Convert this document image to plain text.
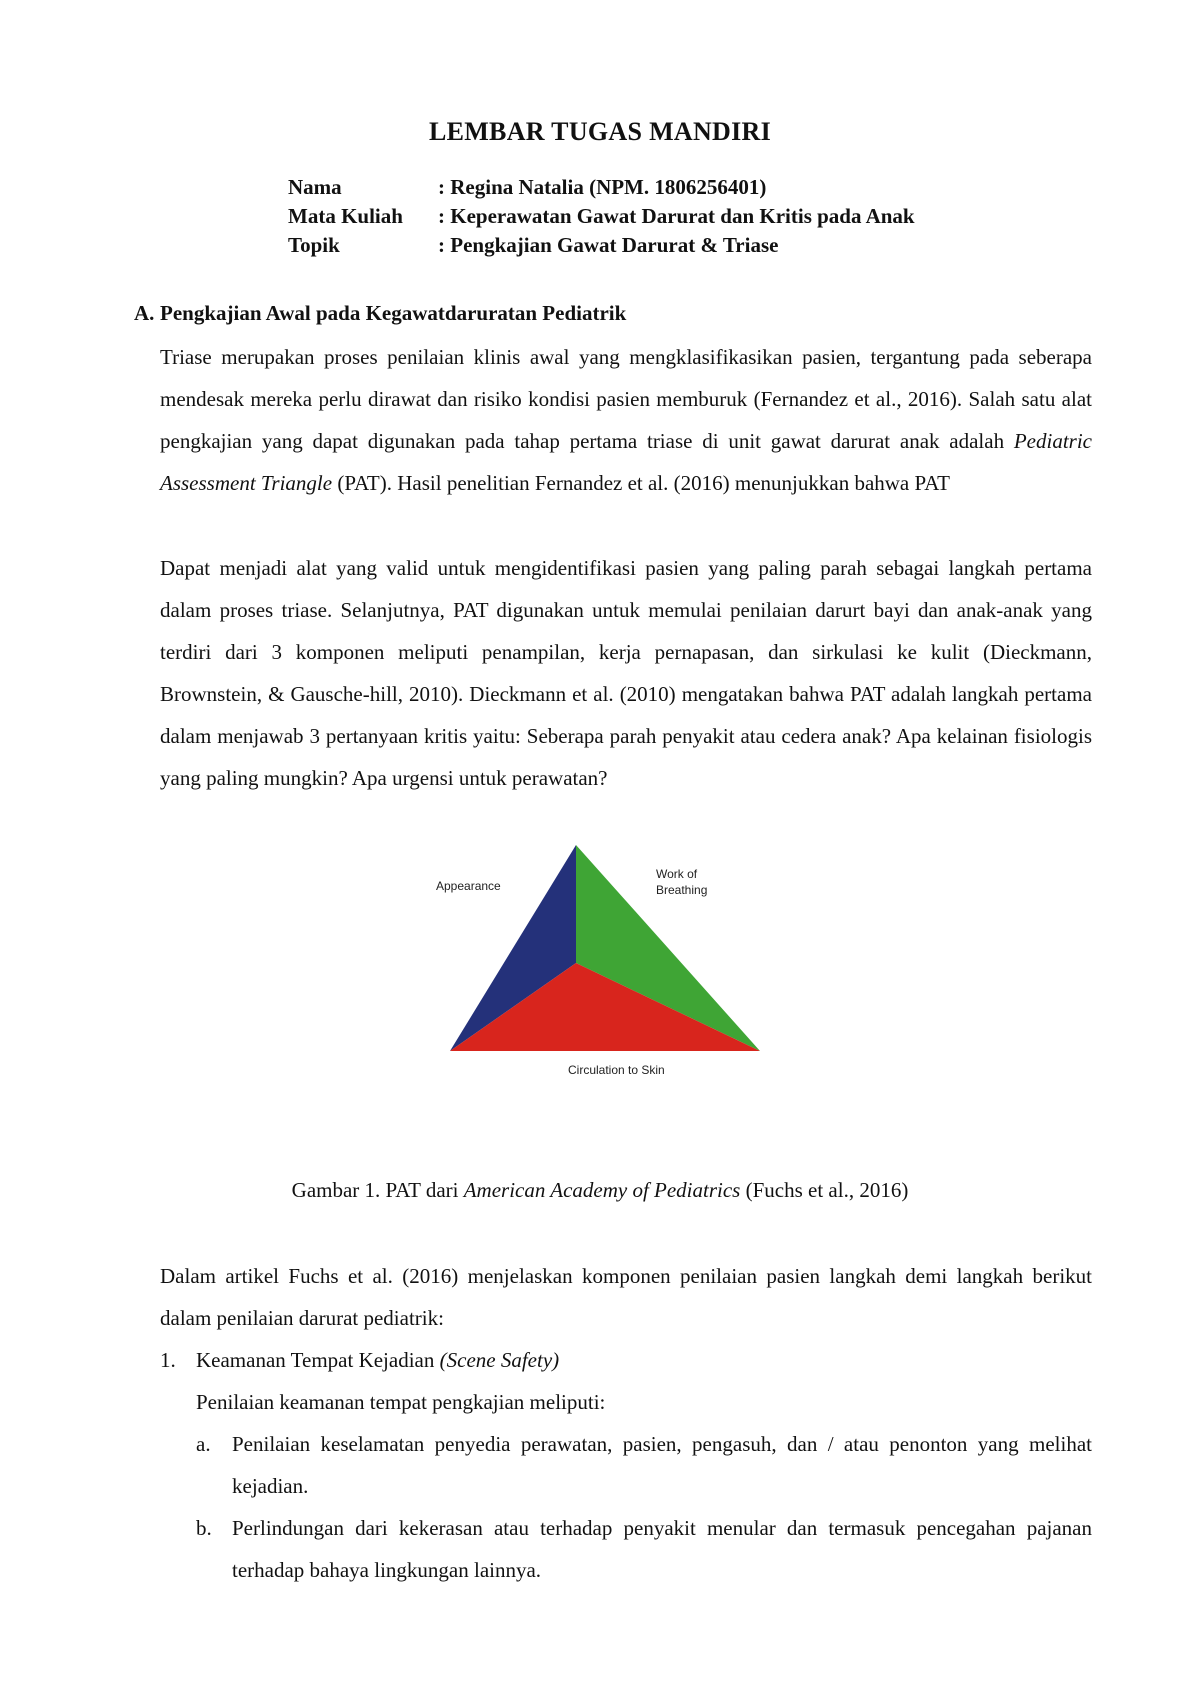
LEMBAR TUGAS MANDIRI
Nama	: Regina Natalia (NPM. 1806256401)
Mata Kuliah	: Keperawatan Gawat Darurat dan Kritis pada Anak
Topik	: Pengkajian Gawat Darurat & Triase
A. Pengkajian Awal pada Kegawatdaruratan Pediatrik
Triase merupakan proses penilaian klinis awal yang mengklasifikasikan pasien, tergantung pada seberapa mendesak mereka perlu dirawat dan risiko kondisi pasien memburuk (Fernandez et al., 2016). Salah satu alat pengkajian yang dapat digunakan pada tahap pertama triase di unit gawat darurat anak adalah Pediatric Assessment Triangle (PAT). Hasil penelitian Fernandez et al. (2016) menunjukkan bahwa PAT
Dapat menjadi alat yang valid untuk mengidentifikasi pasien yang paling parah sebagai langkah pertama dalam proses triase. Selanjutnya, PAT digunakan untuk memulai penilaian darurt bayi dan anak-anak yang terdiri dari 3 komponen meliputi penampilan, kerja pernapasan, dan sirkulasi ke kulit (Dieckmann, Brownstein, & Gausche-hill, 2010). Dieckmann et al. (2010) mengatakan bahwa PAT adalah langkah pertama dalam menjawab 3 pertanyaan kritis yaitu: Seberapa parah penyakit atau cedera anak? Apa kelainan fisiologis yang paling mungkin? Apa urgensi untuk perawatan?
Appearance
Work of
Breathing
Circulation to Skin
Gambar 1. PAT dari American Academy of Pediatrics (Fuchs et al., 2016)
Dalam artikel Fuchs et al. (2016) menjelaskan komponen penilaian pasien langkah demi langkah berikut dalam penilaian darurat pediatrik:
1. Keamanan Tempat Kejadian (Scene Safety)
Penilaian keamanan tempat pengkajian meliputi:
a. Penilaian keselamatan penyedia perawatan, pasien, pengasuh, dan / atau penonton yang melihat kejadian.
b. Perlindungan dari kekerasan atau terhadap penyakit menular dan termasuk pencegahan pajanan terhadap bahaya lingkungan lainnya.
